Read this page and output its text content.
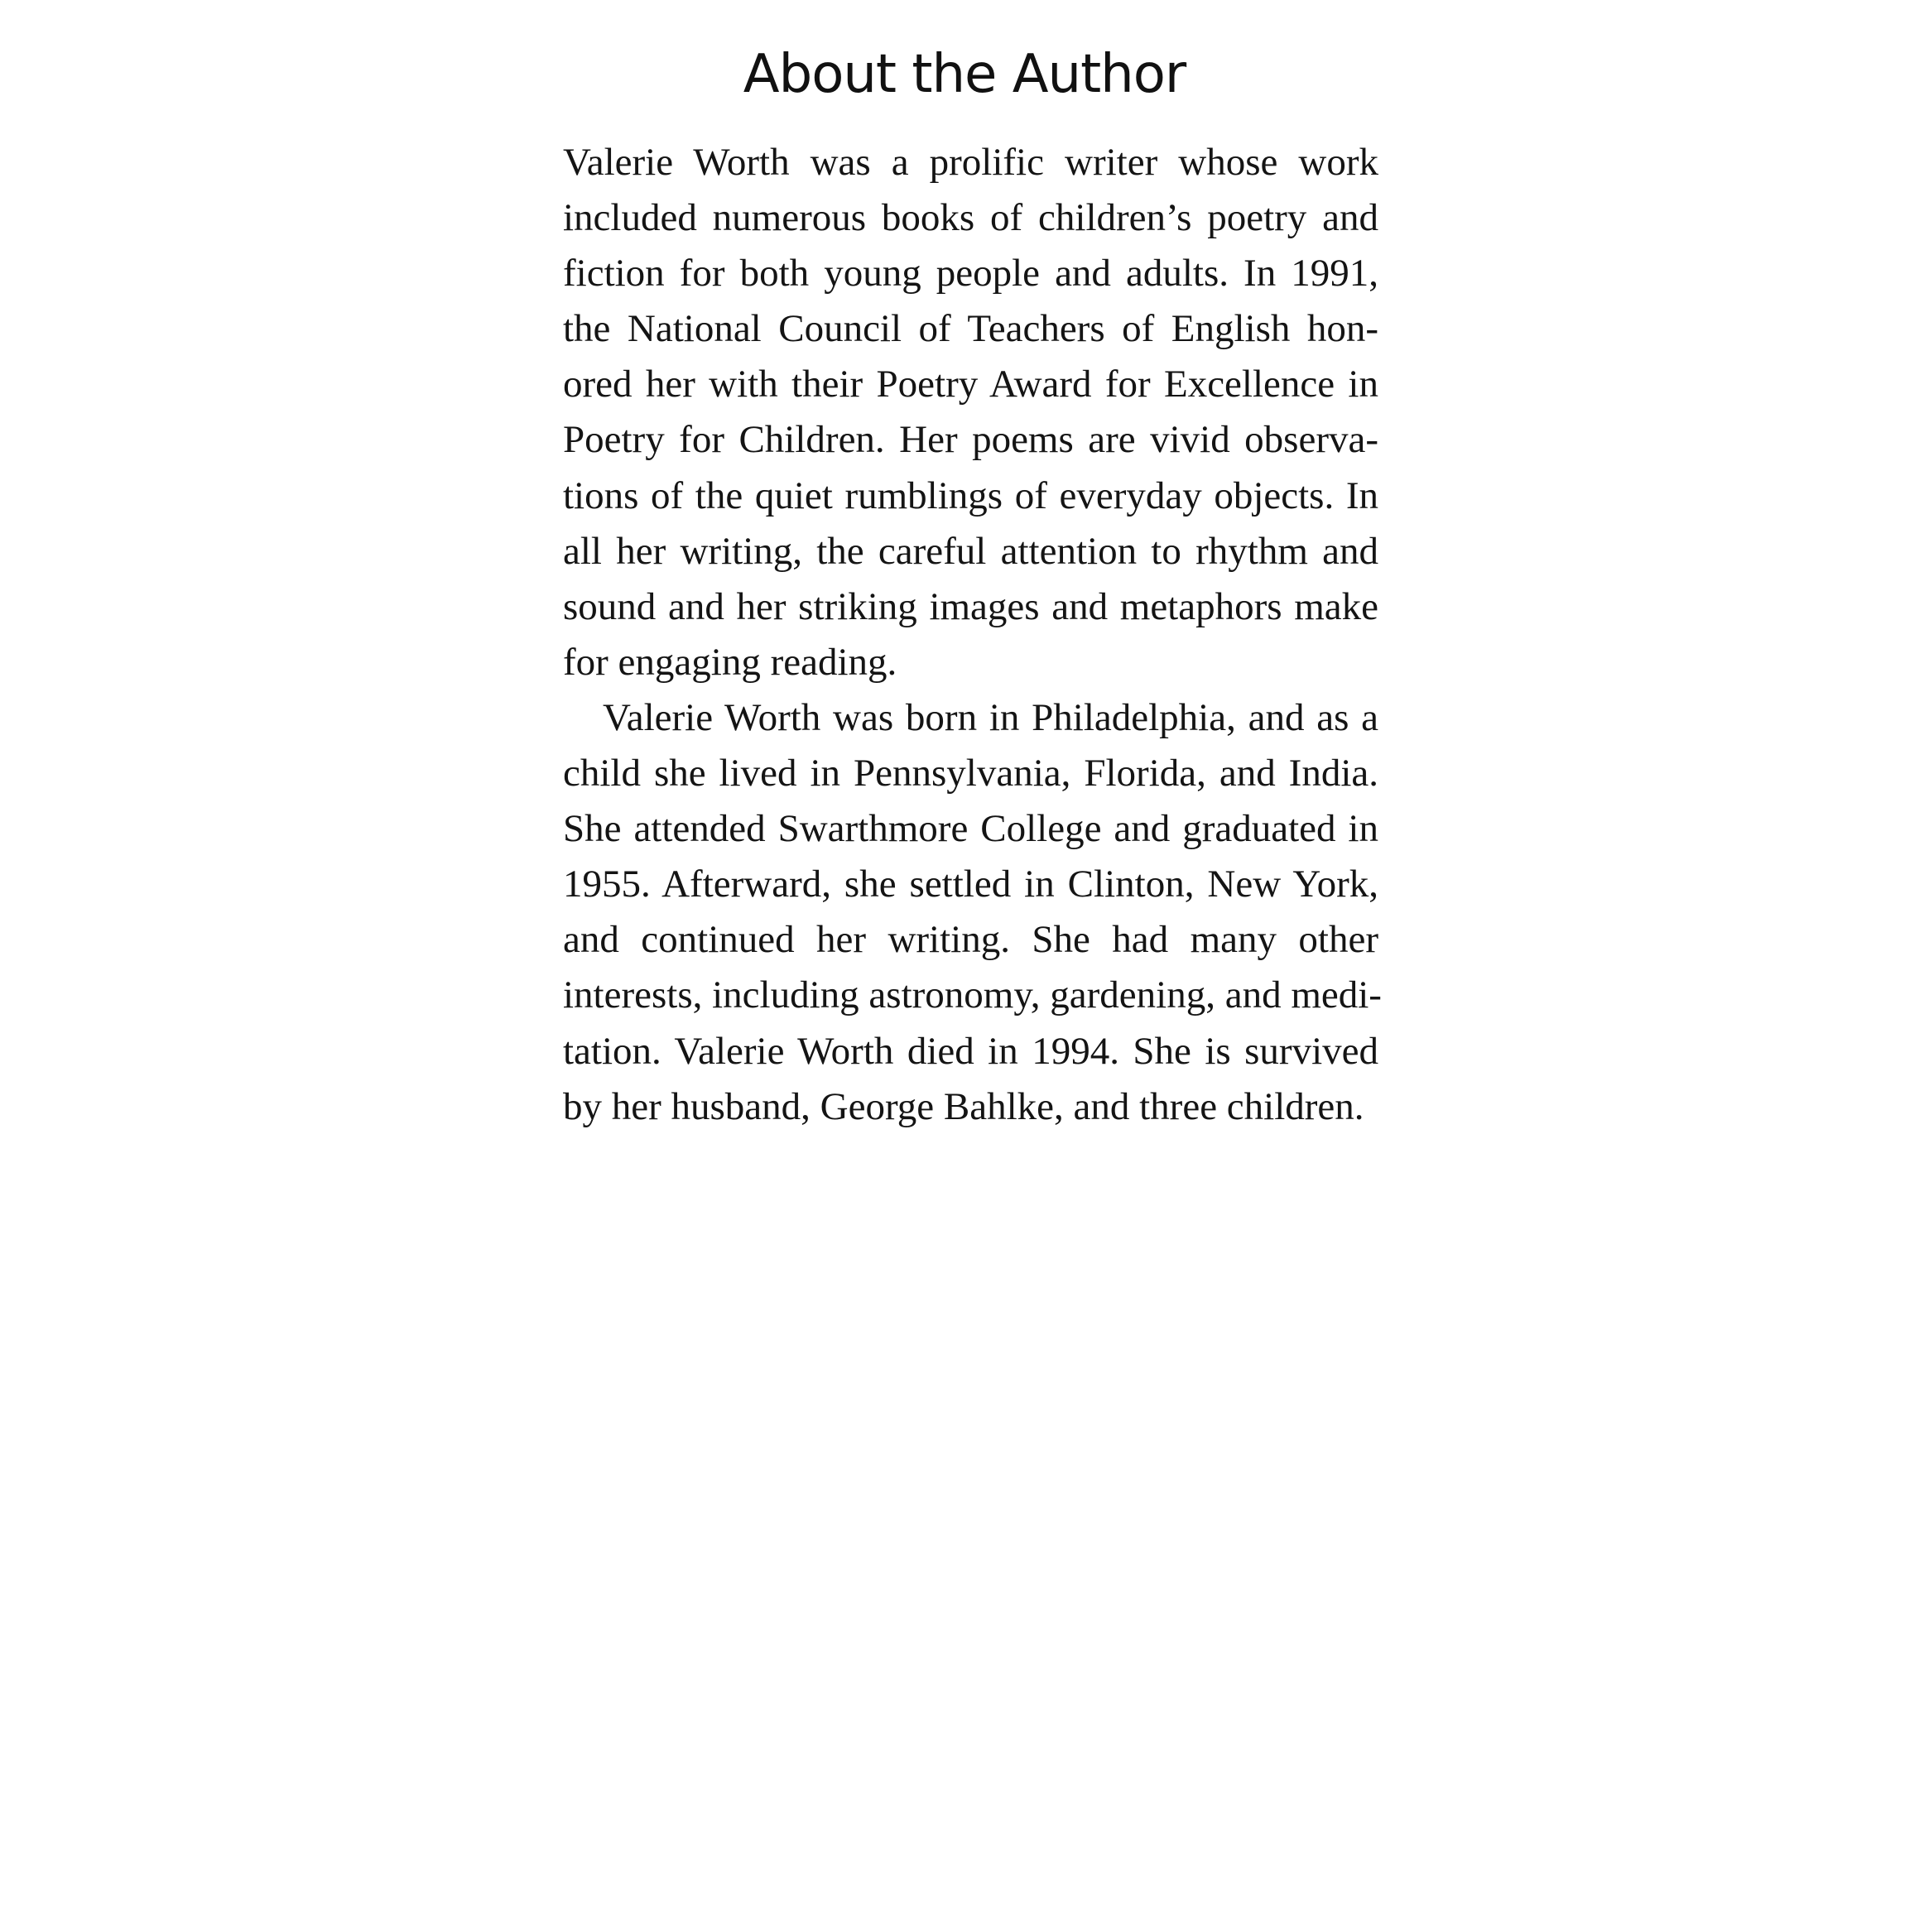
About the Author
Valerie Worth was a prolific writer whose work
included numerous books of children’s poetry and
fiction for both young people and adults. In 1991,
the National Council of Teachers of English hon-
ored her with their Poetry Award for Excellence in
Poetry for Children. Her poems are vivid observa-
tions of the quiet rumblings of everyday objects. In
all her writing, the careful attention to rhythm and
sound and her striking images and metaphors make
for engaging reading.
Valerie Worth was born in Philadelphia, and as a
child she lived in Pennsylvania, Florida, and India.
She attended Swarthmore College and graduated in
1955. Afterward, she settled in Clinton, New York,
and continued her writing. She had many other
interests, including astronomy, gardening, and medi-
tation. Valerie Worth died in 1994. She is survived
by her husband, George Bahlke, and three children.
